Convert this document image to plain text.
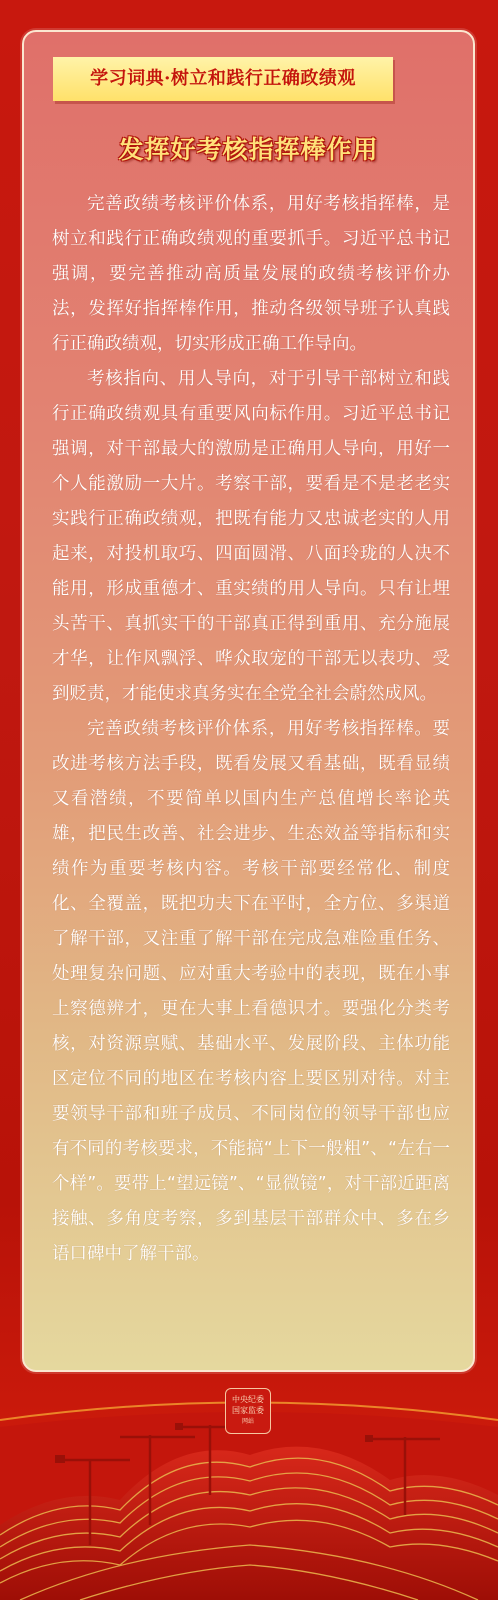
学习词典·树立和践行正确政绩观
发挥好考核指挥棒作用

完善政绩考核评价体系，用好考核指挥棒，是树立和践行正确政绩观的重要抓手。习近平总书记强调，要完善推动高质量发展的政绩考核评价办法，发挥好指挥棒作用，推动各级领导班子认真践行正确政绩观，切实形成正确工作导向。

考核指向、用人导向，对于引导干部树立和践行正确政绩观具有重要风向标作用。习近平总书记强调，对干部最大的激励是正确用人导向，用好一个人能激励一大片。考察干部，要看是不是老老实实践行正确政绩观，把既有能力又忠诚老实的人用起来，对投机取巧、四面圆滑、八面玲珑的人决不能用，形成重德才、重实绩的用人导向。只有让埋头苦干、真抓实干的干部真正得到重用、充分施展才华，让作风飘浮、哗众取宠的干部无以表功、受到贬责，才能使求真务实在全党全社会蔚然成风。

完善政绩考核评价体系，用好考核指挥棒。要改进考核方法手段，既看发展又看基础，既看显绩又看潜绩，不要简单以国内生产总值增长率论英雄，把民生改善、社会进步、生态效益等指标和实绩作为重要考核内容。考核干部要经常化、制度化、全覆盖，既把功夫下在平时，全方位、多渠道了解干部，又注重了解干部在完成急难险重任务、处理复杂问题、应对重大考验中的表现，既在小事上察德辨才，更在大事上看德识才。要强化分类考核，对资源禀赋、基础水平、发展阶段、主体功能区定位不同的地区在考核内容上要区别对待。对主要领导干部和班子成员、不同岗位的领导干部也应有不同的考核要求，不能搞“上下一般粗”、“左右一个样”。要带上“望远镜”、“显微镜”，对干部近距离接触、多角度考察，多到基层干部群众中、多在乡语口碑中了解干部。

中央纪委
国家监委
网站
